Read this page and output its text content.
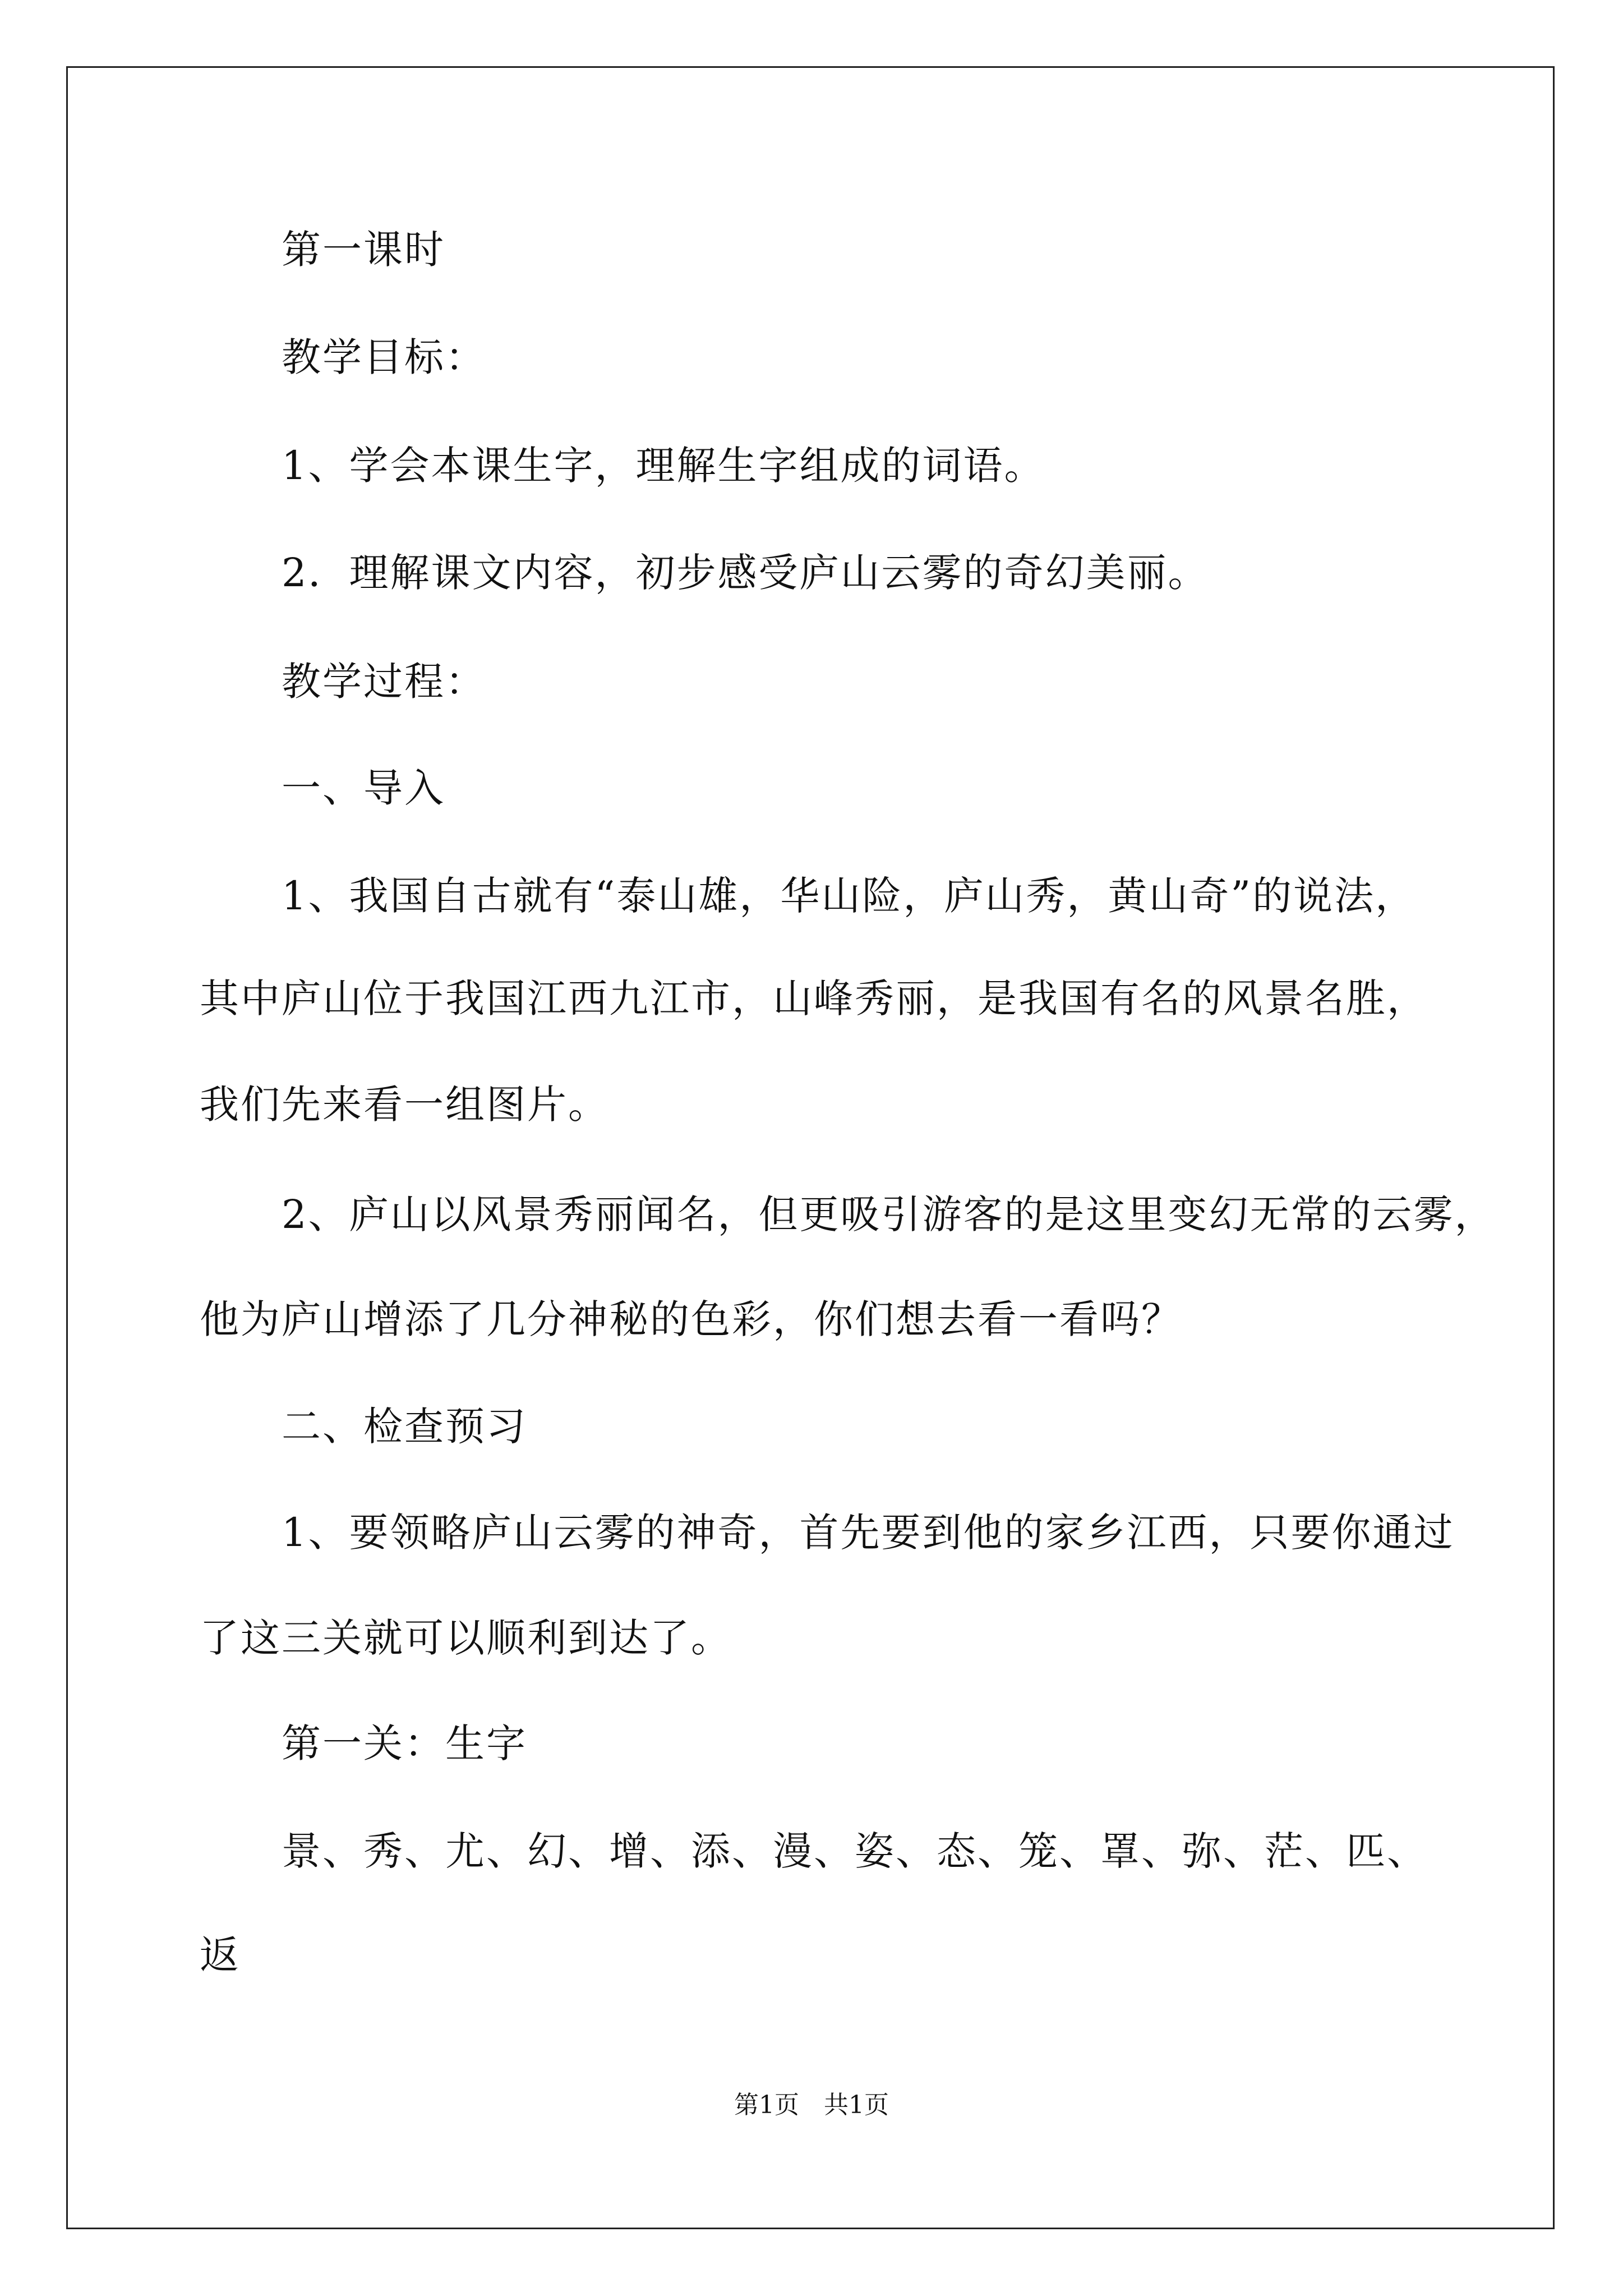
第一课时
教学目标：
1、学会本课生字，理解生字组成的词语。
2．理解课文内容，初步感受庐山云雾的奇幻美丽。
教学过程：
一、导入
1、我国自古就有“泰山雄，华山险，庐山秀，黄山奇”的说法，
其中庐山位于我国江西九江市，山峰秀丽，是我国有名的风景名胜，
我们先来看一组图片。
2、庐山以风景秀丽闻名，但更吸引游客的是这里变幻无常的云雾，
他为庐山增添了几分神秘的色彩，你们想去看一看吗？
二、检查预习
1、要领略庐山云雾的神奇，首先要到他的家乡江西，只要你通过
了这三关就可以顺利到达了。
第一关：生字
景、秀、尤、幻、增、添、漫、姿、态、笼、罩、弥、茫、匹、
返
第1页　共1页
